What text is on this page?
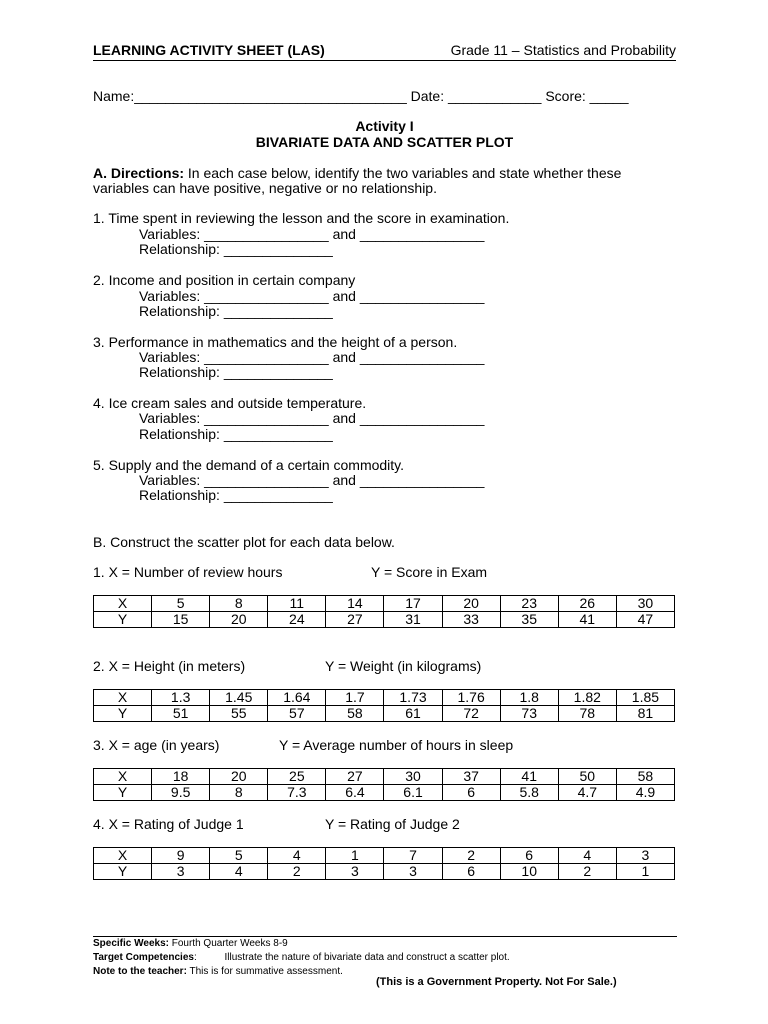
LEARNING ACTIVITY SHEET (LAS)	Grade 11 – Statistics and Probability
Name:___________________________________ Date: ____________ Score: _____
Activity I
BIVARIATE DATA AND SCATTER PLOT
A. Directions: In each case below, identify the two variables and state whether these
variables can have positive, negative or no relationship.
1. Time spent in reviewing the lesson and the score in examination.
Variables: ________________ and ________________
Relationship: ______________
2. Income and position in certain company
Variables: ________________ and ________________
Relationship: ______________
3. Performance in mathematics and the height of a person.
Variables: ________________ and ________________
Relationship: ______________
4. Ice cream sales and outside temperature.
Variables: ________________ and ________________
Relationship: ______________
5. Supply and the demand of a certain commodity.
Variables: ________________ and ________________
Relationship: ______________
B. Construct the scatter plot for each data below.
1. X = Number of review hours	Y = Score in Exam
X	5	8	11	14	17	20	23	26	30
Y	15	20	24	27	31	33	35	41	47
2. X = Height (in meters)	Y = Weight (in kilograms)
X	1.3	1.45	1.64	1.7	1.73	1.76	1.8	1.82	1.85
Y	51	55	57	58	61	72	73	78	81
3. X = age (in years)	Y = Average number of hours in sleep
X	18	20	25	27	30	37	41	50	58
Y	9.5	8	7.3	6.4	6.1	6	5.8	4.7	4.9
4. X = Rating of Judge 1	Y = Rating of Judge 2
X	9	5	4	1	7	2	6	4	3
Y	3	4	2	3	3	6	10	2	1
Specific Weeks: Fourth Quarter Weeks 8-9
Target Competencies:          Illustrate the nature of bivariate data and construct a scatter plot.
Note to the teacher: This is for summative assessment.
(This is a Government Property. Not For Sale.)
